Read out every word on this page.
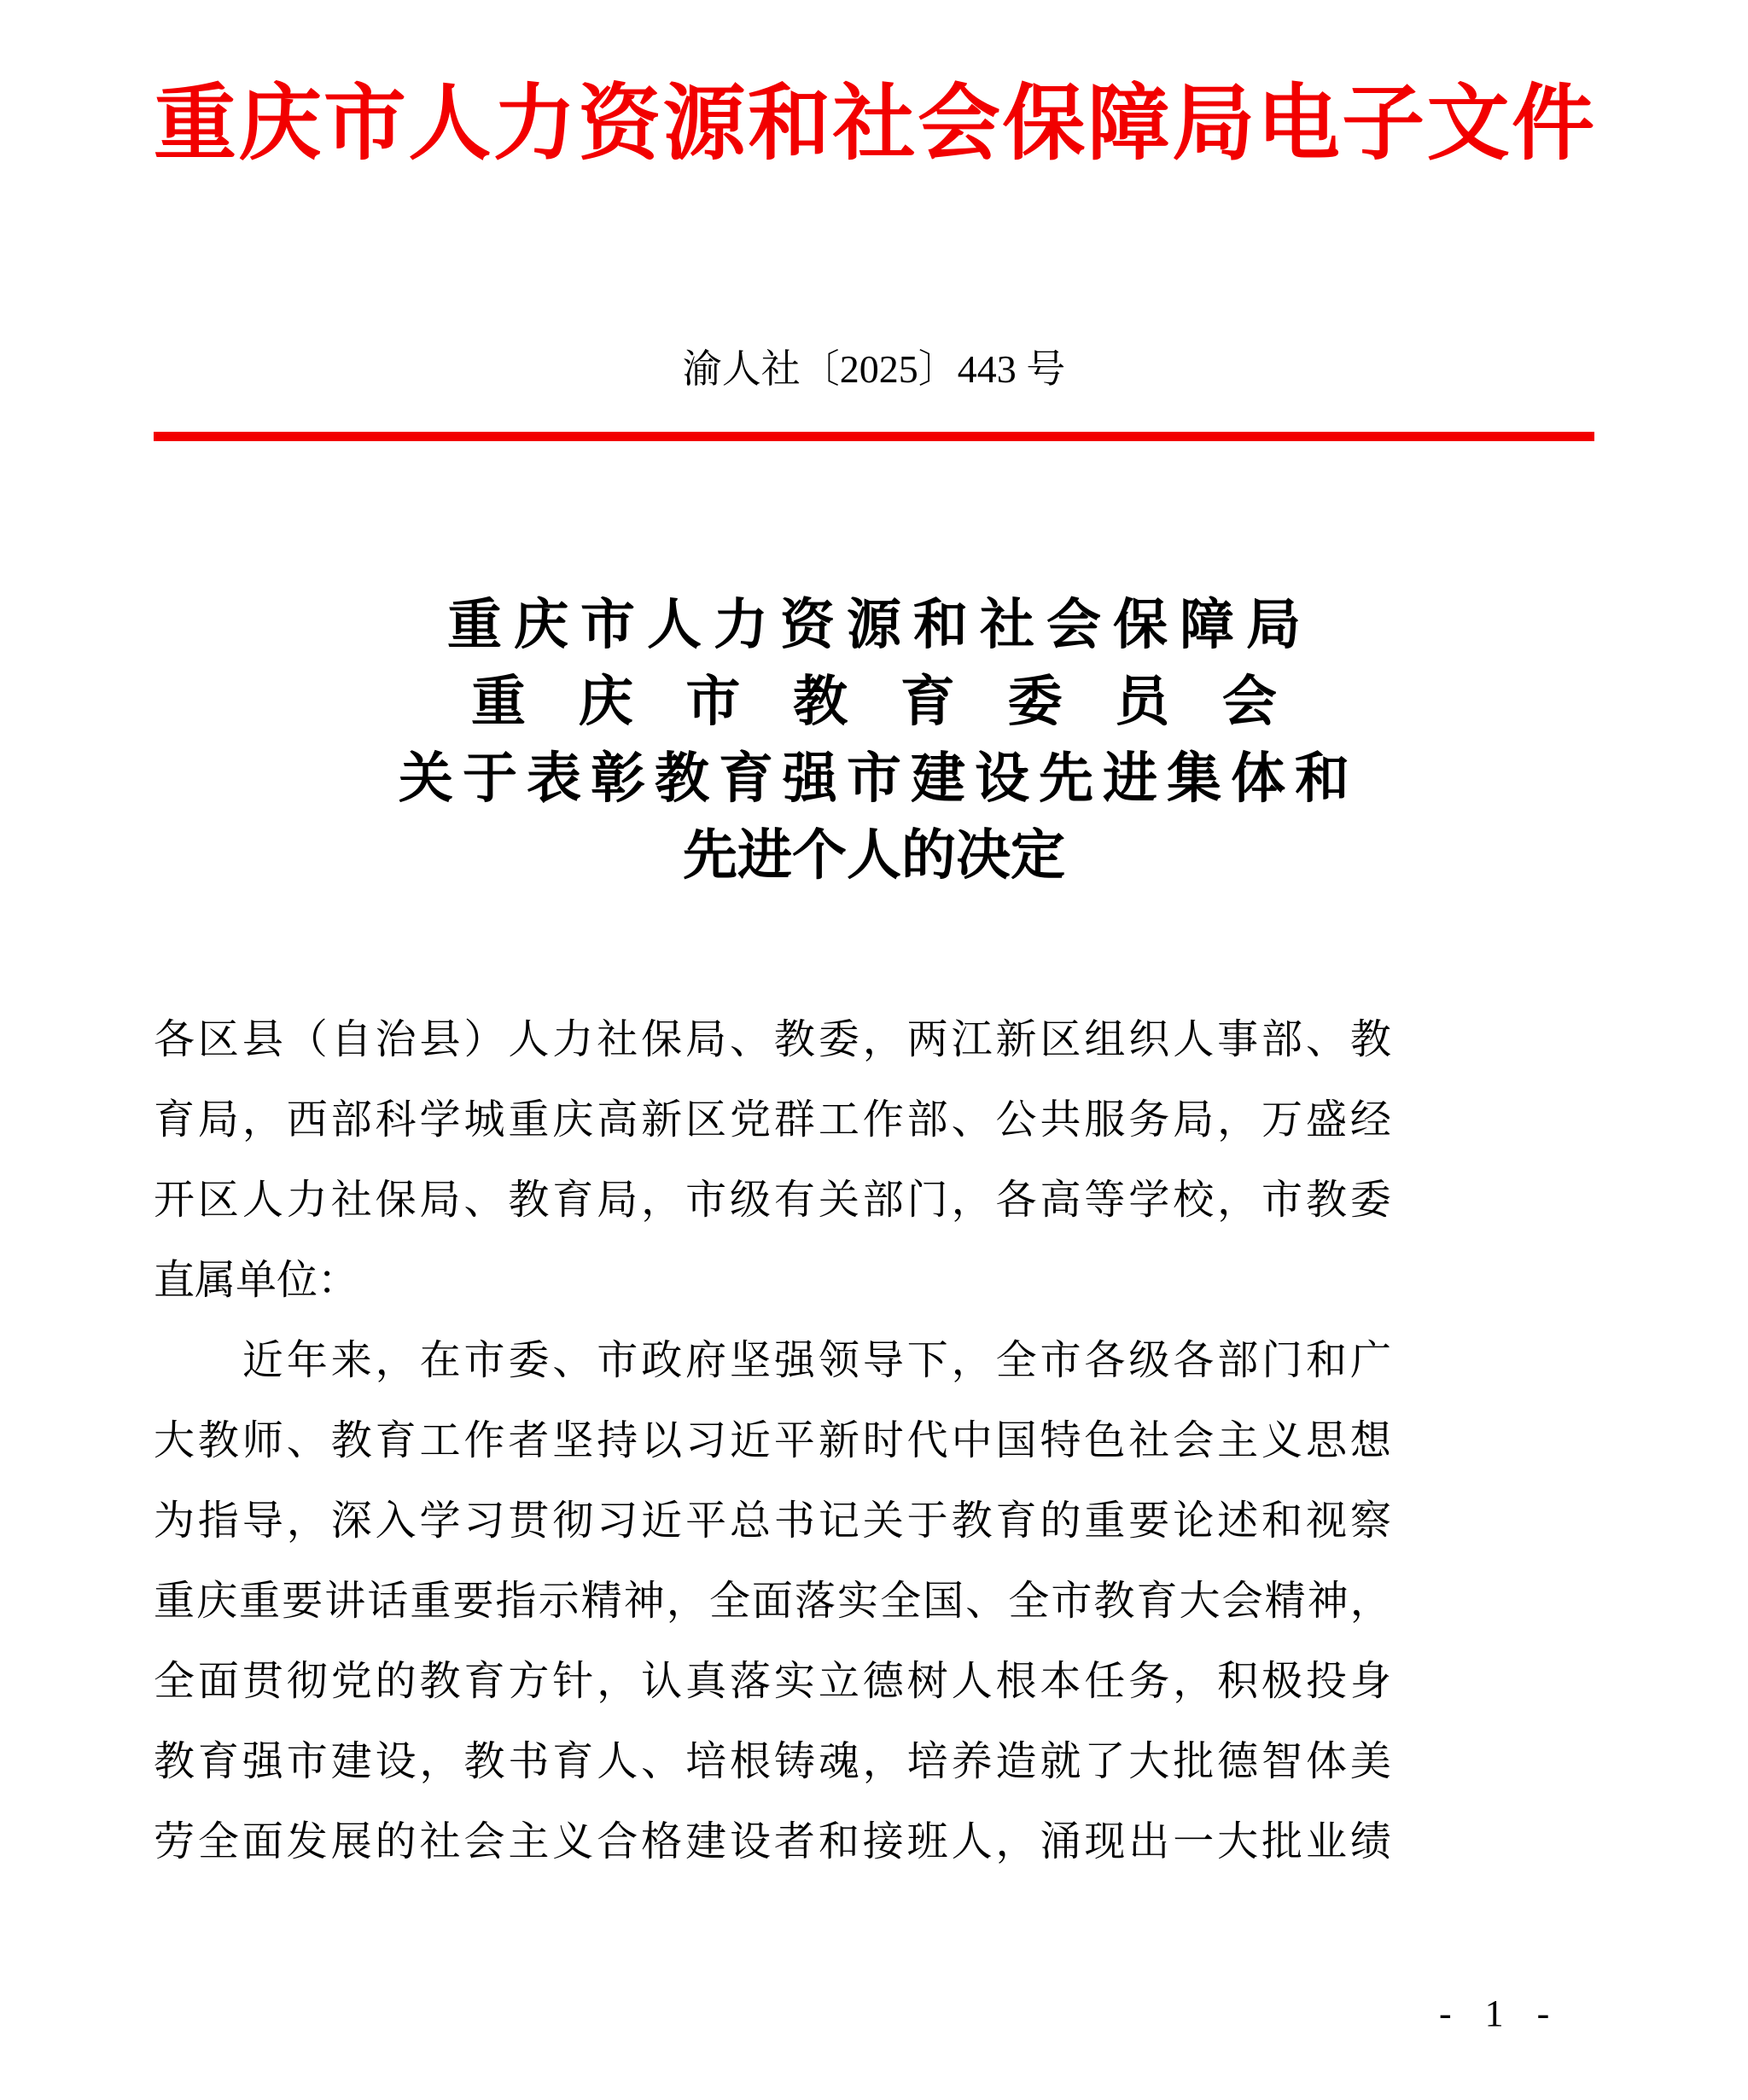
重 庆 市 人 力 资 源 和 社 会 保 障 局 电 子 文 件
渝人社〔2025〕443 号
重庆市人力资源和社会保障局
重 庆 市 教 育 委 员 会
关于表彰教育强市建设先进集体和
先进个人的决定
各 区 县 （ 自 治 县 ） 人 力 社 保 局 、 教 委 ， 两 江 新 区 组 织 人 事 部 、 教
育 局 ， 西 部 科 学 城 重 庆 高 新 区 党 群 工 作 部 、 公 共 服 务 局 ， 万 盛 经
开 区 人 力 社 保 局 、 教 育 局 ， 市 级 有 关 部 门 ， 各 高 等 学 校 ， 市 教 委
直属单位：
近 年 来 ， 在 市 委 、 市 政 府 坚 强 领 导 下 ， 全 市 各 级 各 部 门 和 广
大 教 师 、 教 育 工 作 者 坚 持 以 习 近 平 新 时 代 中 国 特 色 社 会 主 义 思 想
为 指 导 ， 深 入 学 习 贯 彻 习 近 平 总 书 记 关 于 教 育 的 重 要 论 述 和 视 察
重 庆 重 要 讲 话 重 要 指 示 精 神 ， 全 面 落 实 全 国 、 全 市 教 育 大 会 精 神 ，
全 面 贯 彻 党 的 教 育 方 针 ， 认 真 落 实 立 德 树 人 根 本 任 务 ， 积 极 投 身
教 育 强 市 建 设 ， 教 书 育 人 、 培 根 铸 魂 ， 培 养 造 就 了 大 批 德 智 体 美
劳 全 面 发 展 的 社 会 主 义 合 格 建 设 者 和 接 班 人 ， 涌 现 出 一 大 批 业 绩
- 1 -
